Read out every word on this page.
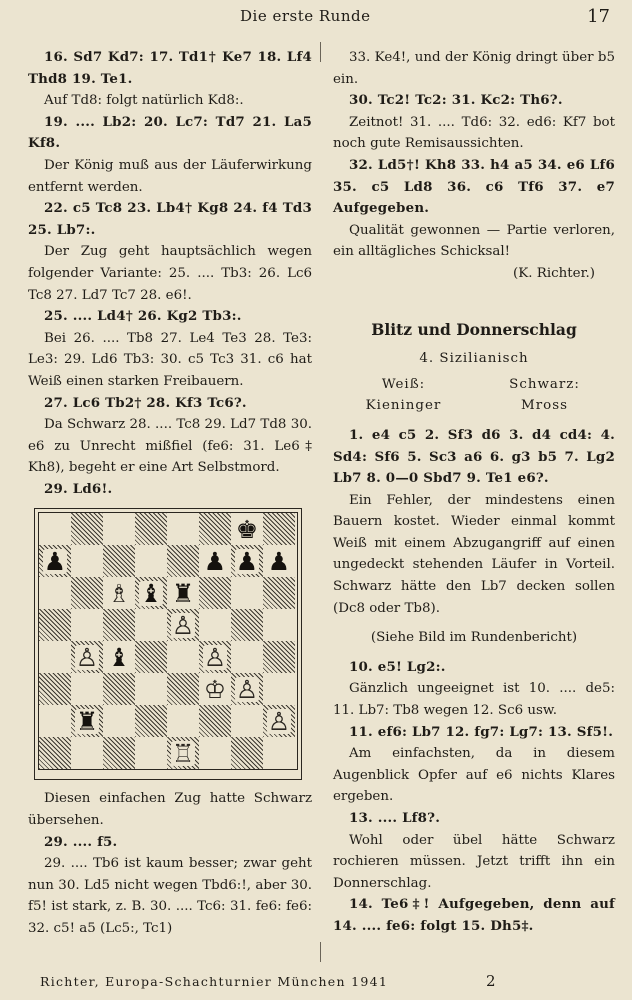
Die erste Runde	17

16. Sd7 Kd7: 17. Td1† Ke7 18. Lf4 Thd8 19. Te1.

Auf Td8: folgt natürlich Kd8:.

19. .... Lb2: 20. Lc7: Td7 21. La5 Kf8.

Der König muß aus der Läuferwirkung entfernt werden.

22. c5 Tc8 23. Lb4† Kg8 24. f4 Td3 25. Lb7:.

Der Zug geht hauptsächlich wegen folgender Variante: 25. .... Tb3: 26. Lc6 Tc8 27. Ld7 Tc7 28. e6!.

25. .... Ld4† 26. Kg2 Tb3:.

Bei 26. .... Tb8 27. Le4 Te3 28. Te3: Le3: 29. Ld6 Tb3: 30. c5 Tc3 31. c6 hat Weiß einen starken Freibauern.

27. Lc6 Tb2† 28. Kf3 Tc6?.

Da Schwarz 28. .... Tc8 29. Ld7 Td8 30. e6 zu Unrecht mißfiel (fe6: 31. Le6‡ Kh8), begeht er eine Art Selbstmord.

29. Ld6!.

♚
♟	♟ ♟ ♟
♗ ♝ ♜
♙
♙ ♝	♙
♔ ♙
♜	♙
♖

Diesen einfachen Zug hatte Schwarz übersehen.

29. .... f5.

29. .... Tb6 ist kaum besser; zwar geht nun 30. Ld5 nicht wegen Tbd6:!, aber 30. f5! ist stark, z. B. 30. .... Tc6: 31. fe6: fe6: 32. c5! a5 (Lc5:, Tc1)

33. Ke4!, und der König dringt über b5 ein.

30. Tc2! Tc2: 31. Kc2: Th6?.

Zeitnot! 31. .... Td6: 32. ed6: Kf7 bot noch gute Remisaussichten.

32. Ld5†! Kh8 33. h4 a5 34. e6 Lf6 35. c5 Ld8 36. c6 Tf6 37. e7 Aufgegeben.

Qualität gewonnen — Partie verloren, ein alltägliches Schicksal!

(K. Richter.)

Blitz und Donnerschlag
4. Sizilianisch
Weiß:	Schwarz:
Kieninger	Mross

1. e4 c5 2. Sf3 d6 3. d4 cd4: 4. Sd4: Sf6 5. Sc3 a6 6. g3 b5 7. Lg2 Lb7 8. 0—0 Sbd7 9. Te1 e6?.

Ein Fehler, der mindestens einen Bauern kostet. Wieder einmal kommt Weiß mit einem Abzugangriff auf einen ungedeckt stehenden Läufer in Vorteil. Schwarz hätte den Lb7 decken sollen (Dc8 oder Tb8).

(Siehe Bild im Rundenbericht)

10. e5! Lg2:.

Gänzlich ungeeignet ist 10. .... de5: 11. Lb7: Tb8 wegen 12. Sc6 usw.

11. ef6: Lb7 12. fg7: Lg7: 13. Sf5!.

Am einfachsten, da in diesem Augenblick Opfer auf e6 nichts Klares ergeben.

13. .... Lf8?.

Wohl oder übel hätte Schwarz rochieren müssen. Jetzt trifft ihn ein Donnerschlag.

14. Te6‡! Aufgegeben, denn auf 14. .... fe6: folgt 15. Dh5‡.

Richter, Europa-Schachturnier München 1941	2
